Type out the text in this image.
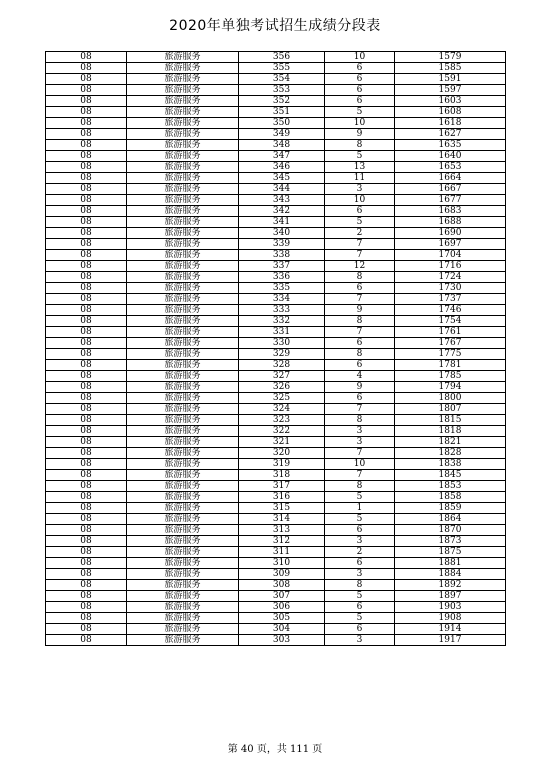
2020年单独考试招生成绩分段表
08	旅游服务	356	10	1579
08	旅游服务	355	6	1585
08	旅游服务	354	6	1591
08	旅游服务	353	6	1597
08	旅游服务	352	6	1603
08	旅游服务	351	5	1608
08	旅游服务	350	10	1618
08	旅游服务	349	9	1627
08	旅游服务	348	8	1635
08	旅游服务	347	5	1640
08	旅游服务	346	13	1653
08	旅游服务	345	11	1664
08	旅游服务	344	3	1667
08	旅游服务	343	10	1677
08	旅游服务	342	6	1683
08	旅游服务	341	5	1688
08	旅游服务	340	2	1690
08	旅游服务	339	7	1697
08	旅游服务	338	7	1704
08	旅游服务	337	12	1716
08	旅游服务	336	8	1724
08	旅游服务	335	6	1730
08	旅游服务	334	7	1737
08	旅游服务	333	9	1746
08	旅游服务	332	8	1754
08	旅游服务	331	7	1761
08	旅游服务	330	6	1767
08	旅游服务	329	8	1775
08	旅游服务	328	6	1781
08	旅游服务	327	4	1785
08	旅游服务	326	9	1794
08	旅游服务	325	6	1800
08	旅游服务	324	7	1807
08	旅游服务	323	8	1815
08	旅游服务	322	3	1818
08	旅游服务	321	3	1821
08	旅游服务	320	7	1828
08	旅游服务	319	10	1838
08	旅游服务	318	7	1845
08	旅游服务	317	8	1853
08	旅游服务	316	5	1858
08	旅游服务	315	1	1859
08	旅游服务	314	5	1864
08	旅游服务	313	6	1870
08	旅游服务	312	3	1873
08	旅游服务	311	2	1875
08	旅游服务	310	6	1881
08	旅游服务	309	3	1884
08	旅游服务	308	8	1892
08	旅游服务	307	5	1897
08	旅游服务	306	6	1903
08	旅游服务	305	5	1908
08	旅游服务	304	6	1914
08	旅游服务	303	3	1917
第 40 页，共 111 页
